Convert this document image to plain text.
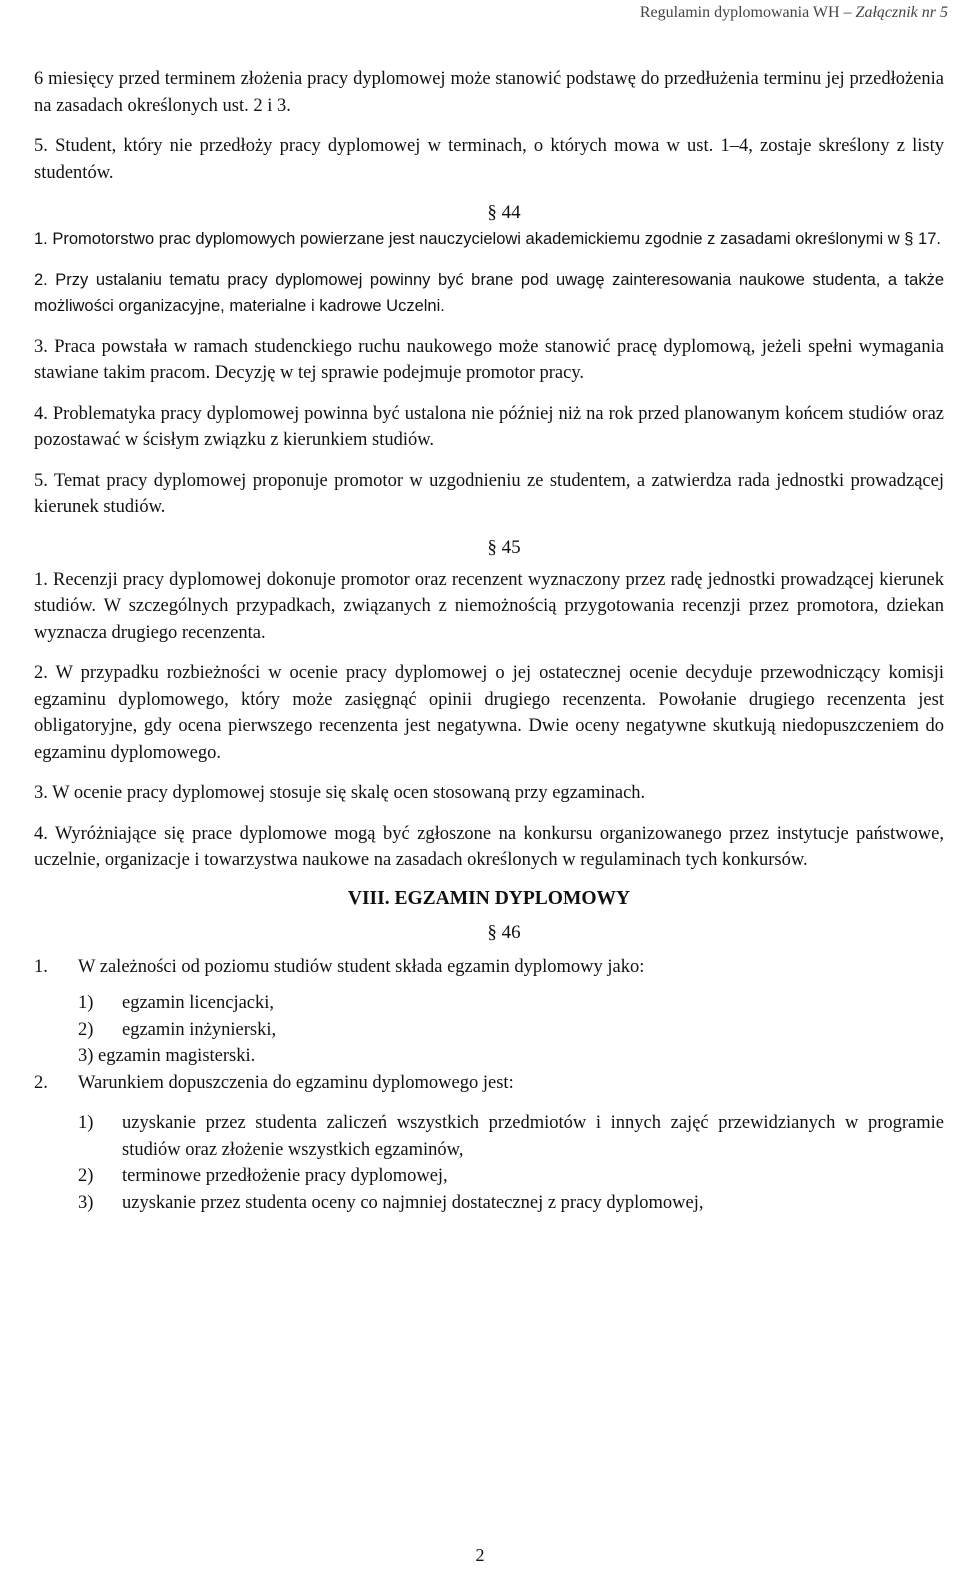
Regulamin dyplomowania WH – Załącznik nr 5

6 miesięcy przed terminem złożenia pracy dyplomowej może stanowić podstawę do przedłużenia terminu jej przedłożenia na zasadach określonych ust. 2 i 3.

5. Student, który nie przedłoży pracy dyplomowej w terminach, o których mowa w ust. 1–4, zostaje skreślony z listy studentów.

§ 44

1. Promotorstwo prac dyplomowych powierzane jest nauczycielowi akademickiemu zgodnie z zasadami określonymi w § 17.

2. Przy ustalaniu tematu pracy dyplomowej powinny być brane pod uwagę zainteresowania naukowe studenta, a także możliwości organizacyjne, materialne i kadrowe Uczelni.

3. Praca powstała w ramach studenckiego ruchu naukowego może stanowić pracę dyplomową, jeżeli spełni wymagania stawiane takim pracom. Decyzję w tej sprawie podejmuje promotor pracy.

4. Problematyka pracy dyplomowej powinna być ustalona nie później niż na rok przed planowanym końcem studiów oraz pozostawać w ścisłym związku z kierunkiem studiów.

5. Temat pracy dyplomowej proponuje promotor w uzgodnieniu ze studentem, a zatwierdza rada jednostki prowadzącej kierunek studiów.

§ 45

1. Recenzji pracy dyplomowej dokonuje promotor oraz recenzent wyznaczony przez radę jednostki prowadzącej kierunek studiów. W szczególnych przypadkach, związanych z niemożnością przygotowania recenzji przez promotora, dziekan wyznacza drugiego recenzenta.

2. W przypadku rozbieżności w ocenie pracy dyplomowej o jej ostatecznej ocenie decyduje przewodniczący komisji egzaminu dyplomowego, który może zasięgnąć opinii drugiego recenzenta. Powołanie drugiego recenzenta jest obligatoryjne, gdy ocena pierwszego recenzenta jest negatywna. Dwie oceny negatywne skutkują niedopuszczeniem do egzaminu dyplomowego.

3. W ocenie pracy dyplomowej stosuje się skalę ocen stosowaną przy egzaminach.

4. Wyróżniające się prace dyplomowe mogą być zgłoszone na konkursu organizowanego przez instytucje państwowe, uczelnie, organizacje i towarzystwa naukowe na zasadach określonych w regulaminach tych konkursów.

VIII. EGZAMIN DYPLOMOWY
§ 46
1.	W zależności od poziomu studiów student składa egzamin dyplomowy jako:
1)	egzamin licencjacki,
2)	egzamin inżynierski,
3) egzamin magisterski.
2.	Warunkiem dopuszczenia do egzaminu dyplomowego jest:
1)	uzyskanie przez studenta zaliczeń wszystkich przedmiotów i innych zajęć przewidzianych w programie studiów oraz złożenie wszystkich egzaminów,
2)	terminowe przedłożenie pracy dyplomowej,
3)	uzyskanie przez studenta oceny co najmniej dostatecznej z pracy dyplomowej,
2
